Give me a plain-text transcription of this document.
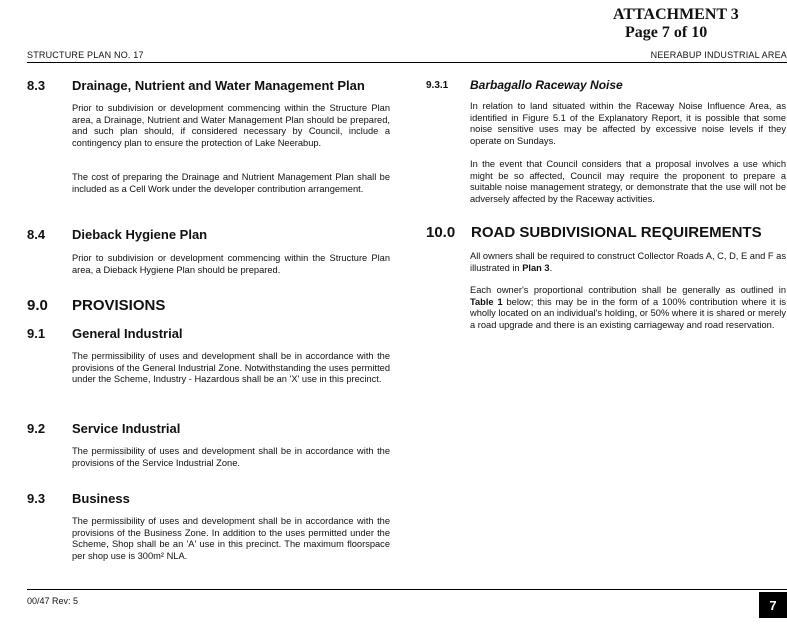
ATTACHMENT 3
Page 7 of 10
STRUCTURE PLAN NO. 17	NEERABUP INDUSTRIAL AREA
8.3 Drainage, Nutrient and Water Management Plan

Prior to subdivision or development commencing within the Structure Plan area, a Drainage, Nutrient and Water Management Plan should be prepared, and such plan should, if considered necessary by Council, include a contingency plan to ensure the protection of Lake Neerabup.

The cost of preparing the Drainage and Nutrient Management Plan shall be included as a Cell Work under the developer contribution arrangement.

8.4 Dieback Hygiene Plan

Prior to subdivision or development commencing within the Structure Plan area, a Dieback Hygiene Plan should be prepared.

9.0 PROVISIONS
9.1 General Industrial

The permissibility of uses and development shall be in accordance with the provisions of the General Industrial Zone. Notwithstanding the uses permitted under the Scheme, Industry - Hazardous shall be an 'X' use in this precinct.

9.2 Service Industrial

The permissibility of uses and development shall be in accordance with the provisions of the Service Industrial Zone.

9.3 Business

The permissibility of uses and development shall be in accordance with the provisions of the Business Zone. In addition to the uses permitted under the Scheme, Shop shall be an 'A' use in this precinct. The maximum floorspace per shop use is 300m² NLA.

9.3.1 Barbagallo Raceway Noise

In relation to land situated within the Raceway Noise Influence Area, as identified in Figure 5.1 of the Explanatory Report, it is possible that some noise sensitive uses may be affected by excessive noise levels if they operate on Sundays.

In the event that Council considers that a proposal involves a use which might be so affected, Council may require the proponent to prepare a suitable noise management strategy, or demonstrate that the use will not be adversely affected by the Raceway activities.

10.0 ROAD SUBDIVISIONAL REQUIREMENTS

All owners shall be required to construct Collector Roads A, C, D, E and F as illustrated in Plan 3.

Each owner's proportional contribution shall be generally as outlined in Table 1 below; this may be in the form of a 100% contribution where it is wholly located on an individual's holding, or 50% where it is shared or merely a road upgrade and there is an existing carriageway and road reservation.

00/47 Rev: 5	7
